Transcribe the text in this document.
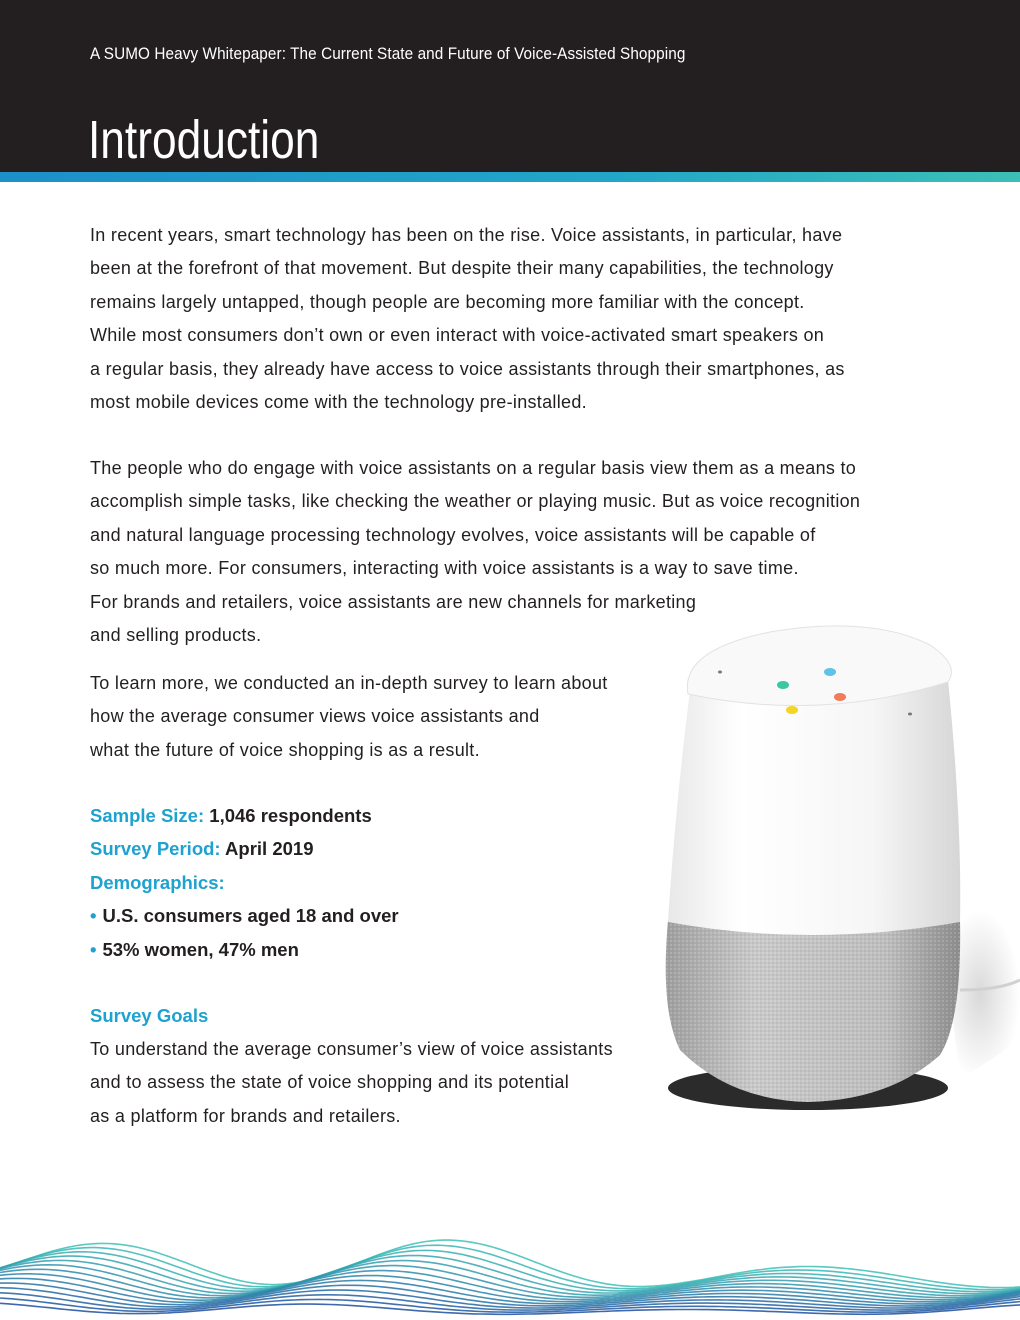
A SUMO Heavy Whitepaper: The Current State and Future of Voice-Assisted Shopping
Introduction

In recent years, smart technology has been on the rise. Voice assistants, in particular, have
been at the forefront of that movement. But despite their many capabilities, the technology
remains largely untapped, though people are becoming more familiar with the concept.
While most consumers don’t own or even interact with voice-activated smart speakers on
a regular basis, they already have access to voice assistants through their smartphones, as
most mobile devices come with the technology pre-installed.

The people who do engage with voice assistants on a regular basis view them as a means to
accomplish simple tasks, like checking the weather or playing music. But as voice recognition
and natural language processing technology evolves, voice assistants will be capable of
so much more. For consumers, interacting with voice assistants is a way to save time.
For brands and retailers, voice assistants are new channels for marketing
and selling products.

To learn more, we conducted an in-depth survey to learn about
how the average consumer views voice assistants and
what the future of voice shopping is as a result.

Sample Size: 1,046 respondents
Survey Period: April 2019
Demographics:
• U.S. consumers aged 18 and over
• 53% women, 47% men
Survey Goals

To understand the average consumer’s view of voice assistants
and to assess the state of voice shopping and its potential
as a platform for brands and retailers.
